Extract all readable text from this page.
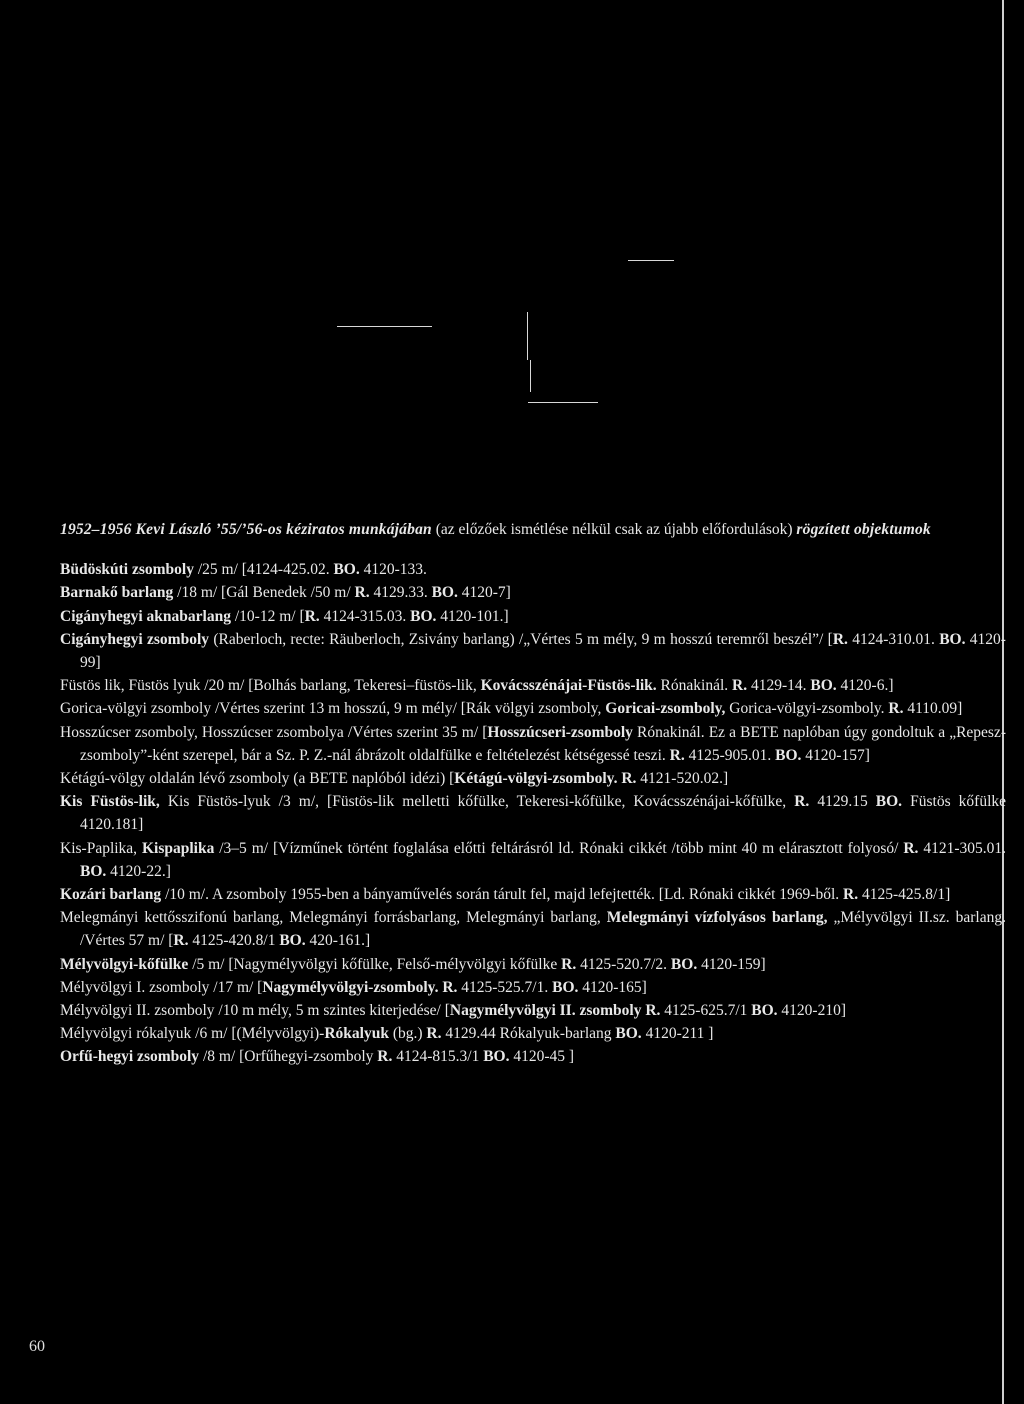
1952–1956 Kevi László ’55/’56-os kéziratos munkájában (az előzőek ismétlése nélkül csak az újabb előfordulások) rögzített objektumok

Büdöskúti zsomboly /25 m/ [4124-425.02. BO. 4120-133.
Barnakő barlang /18 m/ [Gál Benedek /50 m/ R. 4129.33. BO. 4120-7]
Cigányhegyi aknabarlang /10-12 m/ [R. 4124-315.03. BO. 4120-101.]
Cigányhegyi zsomboly (Raberloch, recte: Räuberloch, Zsivány barlang) /„Vértes 5 m mély, 9 m hosszú teremről beszél”/ [R. 4124-310.01. BO. 4120-99]
Füstös lik, Füstös lyuk /20 m/ [Bolhás barlang, Tekeresi–füstös-lik, Kovácsszénájai-Füstös-lik. Rónakinál. R. 4129-14. BO. 4120-6.]
Gorica-völgyi zsomboly /Vértes szerint 13 m hosszú, 9 m mély/ [Rák völgyi zsomboly, Goricai-zsomboly, Gorica-völgyi-zsomboly. R. 4110.09]
Hosszúcser zsomboly, Hosszúcser zsombolya /Vértes szerint 35 m/ [Hosszúcseri-zsomboly Rónakinál. Ez a BETE naplóban úgy gondoltuk a „Repesz-zsomboly”-ként szerepel, bár a Sz. P. Z.-nál ábrázolt oldalfülke e feltételezést kétségessé teszi. R. 4125-905.01. BO. 4120-157]
Kétágú-völgy oldalán lévő zsomboly (a BETE naplóból idézi) [Kétágú-völgyi-zsomboly. R. 4121-520.02.]
Kis Füstös-lik, Kis Füstös-lyuk /3 m/, [Füstös-lik melletti kőfülke, Tekeresi-kőfülke, Kovácsszénájai-kőfülke, R. 4129.15 BO. Füstös kőfülke 4120.181]
Kis-Paplika, Kispaplika /3–5 m/ [Vízműnek történt foglalása előtti feltárásról ld. Rónaki cikkét /több mint 40 m elárasztott folyosó/ R. 4121-305.01. BO. 4120-22.]
Kozári barlang /10 m/. A zsomboly 1955-ben a bányaművelés során tárult fel, majd lefejtették. [Ld. Rónaki cikkét 1969-ből. R. 4125-425.8/1]
Melegmányi kettősszifonú barlang, Melegmányi forrásbarlang, Melegmányi barlang, Melegmányi vízfolyásos barlang, „Mélyvölgyi II.sz. barlang. /Vértes 57 m/ [R. 4125-420.8/1 BO. 420-161.]
Mélyvölgyi-kőfülke /5 m/ [Nagymélyvölgyi kőfülke, Felső-mélyvölgyi kőfülke R. 4125-520.7/2. BO. 4120-159]
Mélyvölgyi I. zsomboly /17 m/ [Nagymélyvölgyi-zsomboly. R. 4125-525.7/1. BO. 4120-165]
Mélyvölgyi II. zsomboly /10 m mély, 5 m szintes kiterjedése/ [Nagymélyvölgyi II. zsomboly R. 4125-625.7/1 BO. 4120-210]
Mélyvölgyi rókalyuk /6 m/ [(Mélyvölgyi)-Rókalyuk (bg.) R. 4129.44 Rókalyuk-barlang BO. 4120-211 ]
Orfű-hegyi zsomboly /8 m/ [Orfűhegyi-zsomboly R. 4124-815.3/1 BO. 4120-45 ]
60
